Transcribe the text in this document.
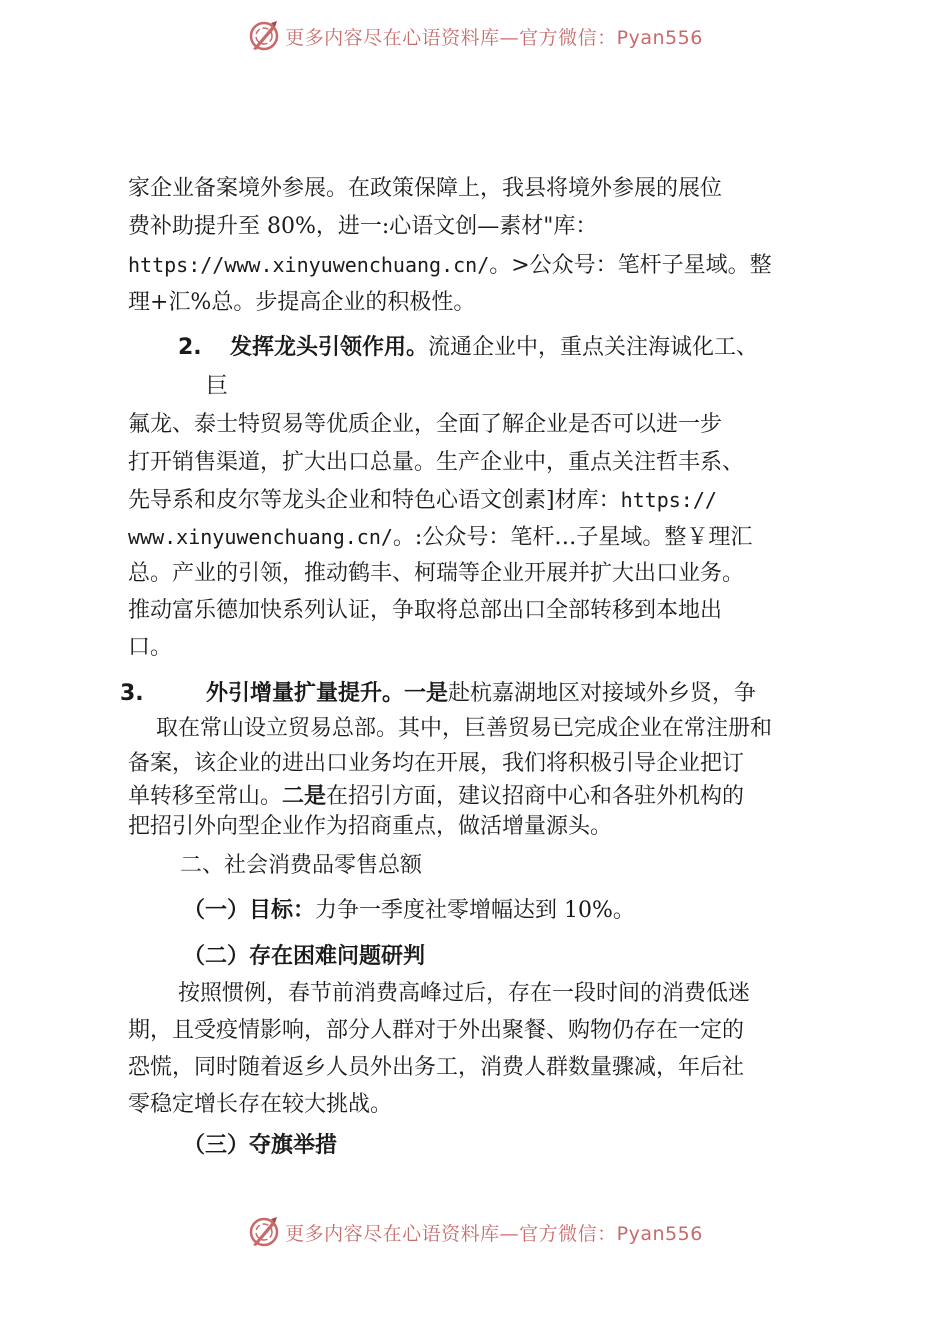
更多内容尽在心语资料库—官方微信：Pyan556
家企业备案境外参展。在政策保障上，我县将境外参展的展位
费补助提升至 80%，进一:心语文创—素材"库：
https://www.xinyuwenchuang.cn/。>公众号：笔杆子星域。整
理+汇%总。步提高企业的积极性。
2. 发挥龙头引领作用。流通企业中，重点关注海诚化工、
巨
氟龙、泰士特贸易等优质企业，全面了解企业是否可以进一步
打开销售渠道，扩大出口总量。生产企业中，重点关注哲丰系、
先导系和皮尔等龙头企业和特色心语文创素]材库：https://
www.xinyuwenchuang.cn/。:公众号：笔杆…子星域。整￥理汇
总。产业的引领，推动鹤丰、柯瑞等企业开展并扩大出口业务。
推动富乐德加快系列认证，争取将总部出口全部转移到本地出
口。
3.	外引增量扩量提升。一是赴杭嘉湖地区对接域外乡贤，争
取在常山设立贸易总部。其中，巨善贸易已完成企业在常注册和
备案，该企业的进出口业务均在开展，我们将积极引导企业把订
单转移至常山。二是在招引方面，建议招商中心和各驻外机构的
把招引外向型企业作为招商重点，做活增量源头。
二、社会消费品零售总额
（一）目标：力争一季度社零增幅达到 10%。
（二）存在困难问题研判
按照惯例，春节前消费高峰过后，存在一段时间的消费低迷
期，且受疫情影响，部分人群对于外出聚餐、购物仍存在一定的
恐慌，同时随着返乡人员外出务工，消费人群数量骤减，年后社
零稳定增长存在较大挑战。
（三）夺旗举措
更多内容尽在心语资料库—官方微信：Pyan556
